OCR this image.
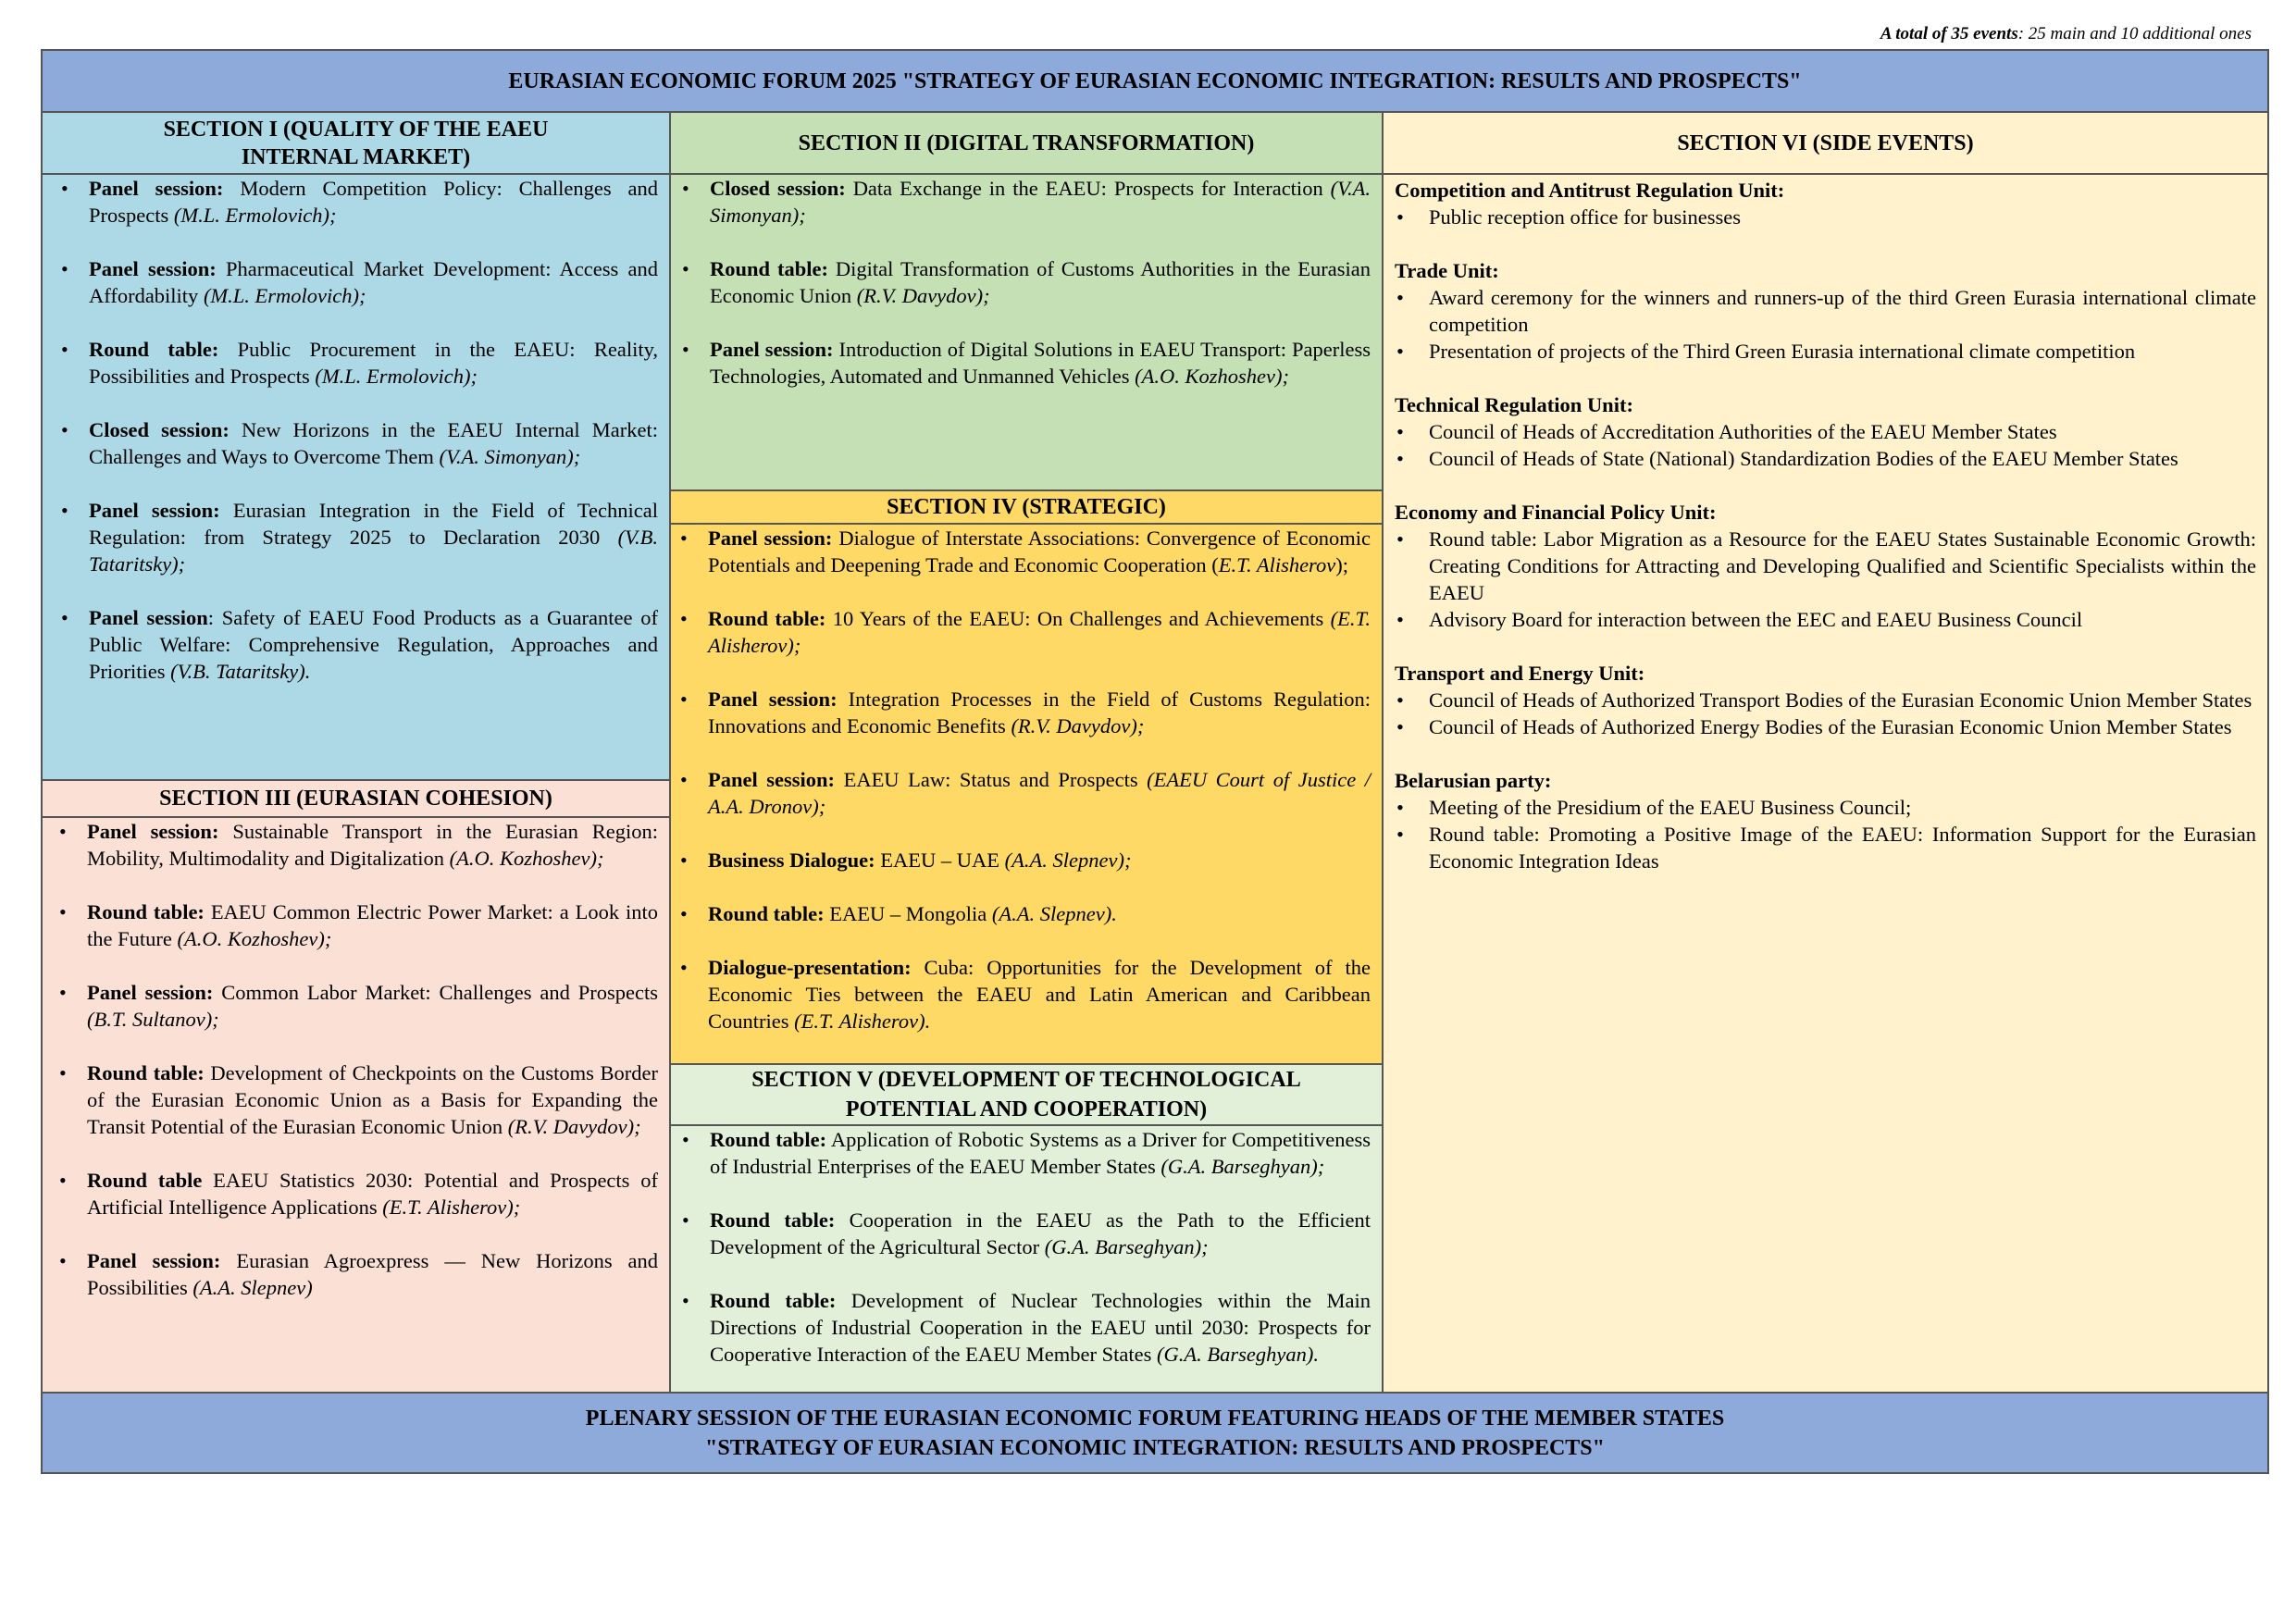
A total of 35 events: 25 main and 10 additional ones
EURASIAN ECONOMIC FORUM 2025 "STRATEGY OF EURASIAN ECONOMIC INTEGRATION: RESULTS AND PROSPECTS"
SECTION I (QUALITY OF THE EAEU
INTERNAL MARKET)
• Panel session: Modern Competition Policy: Challenges and Prospects (M.L. Ermolovich);
• Panel session: Pharmaceutical Market Development: Access and Affordability (M.L. Ermolovich);
• Round table: Public Procurement in the EAEU: Reality, Possibilities and Prospects (M.L. Ermolovich);
• Closed session: New Horizons in the EAEU Internal Market: Challenges and Ways to Overcome Them (V.A. Simonyan);
• Panel session: Eurasian Integration in the Field of Technical Regulation: from Strategy 2025 to Declaration 2030 (V.B. Tataritsky);
• Panel session: Safety of EAEU Food Products as a Guarantee of Public Welfare: Comprehensive Regulation, Approaches and Priorities (V.B. Tataritsky).
SECTION III (EURASIAN COHESION)
• Panel session: Sustainable Transport in the Eurasian Region: Mobility, Multimodality and Digitalization (A.O. Kozhoshev);
• Round table: EAEU Common Electric Power Market: a Look into the Future (A.O. Kozhoshev);
• Panel session: Common Labor Market: Challenges and Prospects (B.T. Sultanov);
• Round table: Development of Checkpoints on the Customs Border of the Eurasian Economic Union as a Basis for Expanding the Transit Potential of the Eurasian Economic Union (R.V. Davydov);
• Round table EAEU Statistics 2030: Potential and Prospects of Artificial Intelligence Applications (E.T. Alisherov);
• Panel session: Eurasian Agroexpress — New Horizons and Possibilities (A.A. Slepnev)
SECTION II (DIGITAL TRANSFORMATION)
• Closed session: Data Exchange in the EAEU: Prospects for Interaction (V.A. Simonyan);
• Round table: Digital Transformation of Customs Authorities in the Eurasian Economic Union (R.V. Davydov);
• Panel session: Introduction of Digital Solutions in EAEU Transport: Paperless Technologies, Automated and Unmanned Vehicles (A.O. Kozhoshev);
SECTION IV (STRATEGIC)
• Panel session: Dialogue of Interstate Associations: Convergence of Economic Potentials and Deepening Trade and Economic Cooperation (E.T. Alisherov);
• Round table: 10 Years of the EAEU: On Challenges and Achievements (E.T. Alisherov);
• Panel session: Integration Processes in the Field of Customs Regulation: Innovations and Economic Benefits (R.V. Davydov);
• Panel session: EAEU Law: Status and Prospects (EAEU Court of Justice / A.A. Dronov);
• Business Dialogue: EAEU – UAE (A.A. Slepnev);
• Round table: EAEU – Mongolia (A.A. Slepnev).
• Dialogue-presentation: Cuba: Opportunities for the Development of the Economic Ties between the EAEU and Latin American and Caribbean Countries (E.T. Alisherov).
SECTION V (DEVELOPMENT OF TECHNOLOGICAL
POTENTIAL AND COOPERATION)
• Round table: Application of Robotic Systems as a Driver for Competitiveness of Industrial Enterprises of the EAEU Member States (G.A. Barseghyan);
• Round table: Cooperation in the EAEU as the Path to the Efficient Development of the Agricultural Sector (G.A. Barseghyan);
• Round table: Development of Nuclear Technologies within the Main Directions of Industrial Cooperation in the EAEU until 2030: Prospects for Cooperative Interaction of the EAEU Member States (G.A. Barseghyan).
SECTION VI (SIDE EVENTS)
Competition and Antitrust Regulation Unit:
• Public reception office for businesses
Trade Unit:
• Award ceremony for the winners and runners-up of the third Green Eurasia international climate competition
• Presentation of projects of the Third Green Eurasia international climate competition
Technical Regulation Unit:
• Council of Heads of Accreditation Authorities of the EAEU Member States
• Council of Heads of State (National) Standardization Bodies of the EAEU Member States
Economy and Financial Policy Unit:
• Round table: Labor Migration as a Resource for the EAEU States Sustainable Economic Growth: Creating Conditions for Attracting and Developing Qualified and Scientific Specialists within the EAEU
• Advisory Board for interaction between the EEC and EAEU Business Council
Transport and Energy Unit:
• Council of Heads of Authorized Transport Bodies of the Eurasian Economic Union Member States
• Council of Heads of Authorized Energy Bodies of the Eurasian Economic Union Member States
Belarusian party:
• Meeting of the Presidium of the EAEU Business Council;
• Round table: Promoting a Positive Image of the EAEU: Information Support for the Eurasian Economic Integration Ideas
PLENARY SESSION OF THE EURASIAN ECONOMIC FORUM FEATURING HEADS OF THE MEMBER STATES
"STRATEGY OF EURASIAN ECONOMIC INTEGRATION: RESULTS AND PROSPECTS"
